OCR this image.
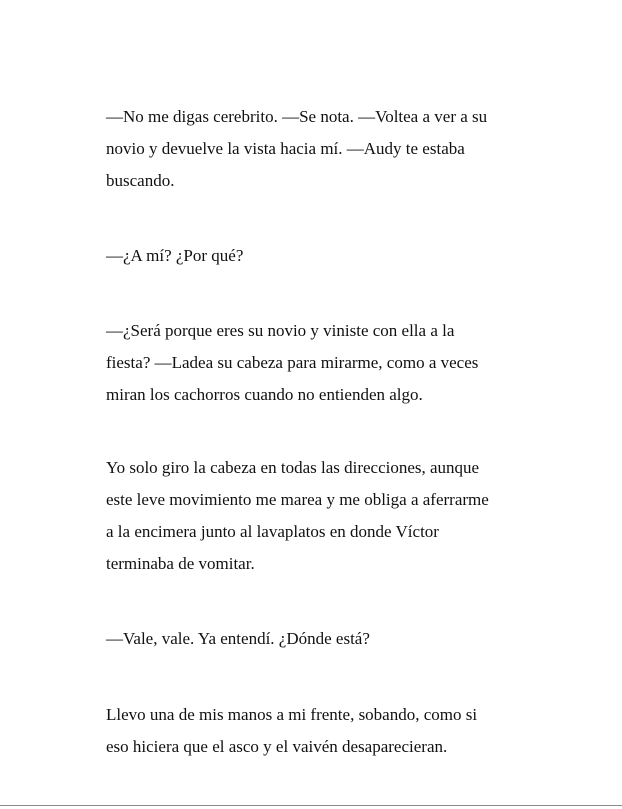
—No me digas cerebrito. —Se nota. —Voltea a ver a su
novio y devuelve la vista hacia mí. —Audy te estaba
buscando.

—¿A mí? ¿Por qué?

—¿Será porque eres su novio y viniste con ella a la
fiesta? —Ladea su cabeza para mirarme, como a veces
miran los cachorros cuando no entienden algo.

Yo solo giro la cabeza en todas las direcciones, aunque
este leve movimiento me marea y me obliga a aferrarme
a la encimera junto al lavaplatos en donde Víctor
terminaba de vomitar.

—Vale, vale. Ya entendí. ¿Dónde está?

Llevo una de mis manos a mi frente, sobando, como si
eso hiciera que el asco y el vaivén desaparecieran.
